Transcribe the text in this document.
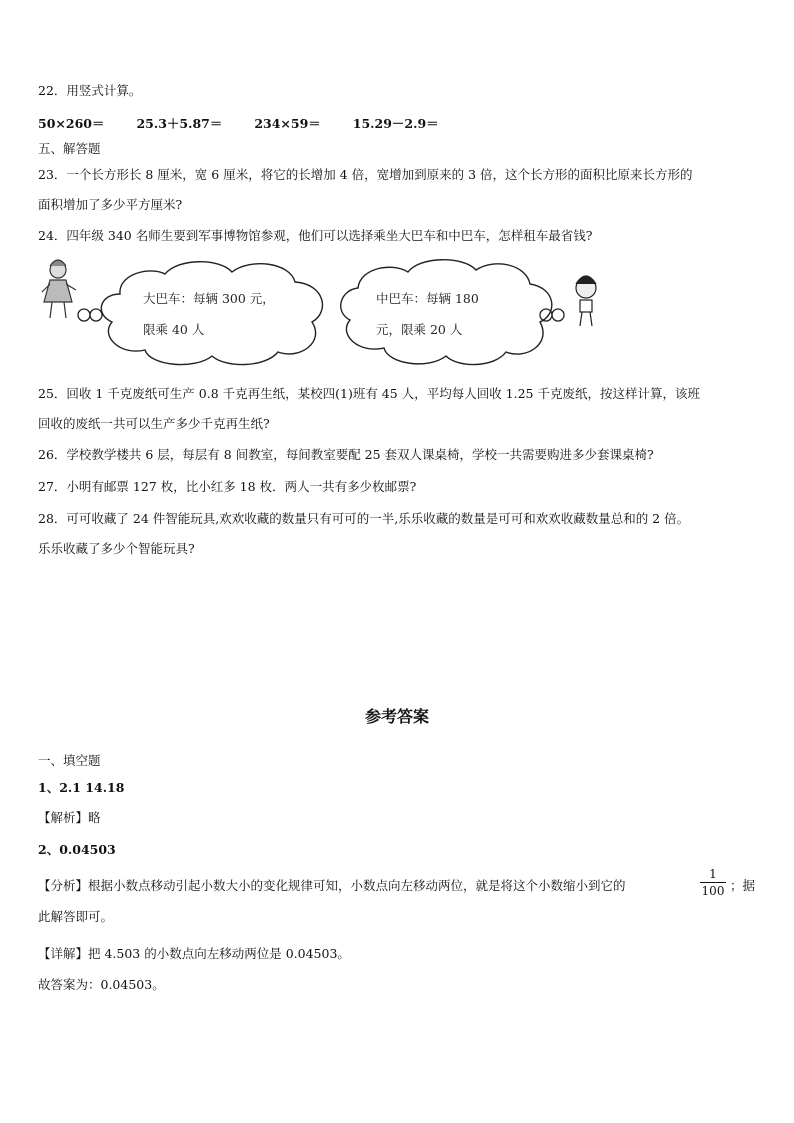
22．用竖式计算。
50×260＝	25.3＋5.87＝	234×59＝	15.29－2.9＝
五、解答题
23．一个长方形长 8 厘米，宽 6 厘米，将它的长增加 4 倍，宽增加到原来的 3 倍，这个长方形的面积比原来长方形的
面积增加了多少平方厘米?
24．四年级 340 名师生要到军事博物馆参观，他们可以选择乘坐大巴车和中巴车，怎样租车最省钱?
大巴车：每辆 300 元，
限乘 40 人
中巴车：每辆 180
元，限乘 20 人
25．回收 1 千克废纸可生产 0.8 千克再生纸，某校四(1)班有 45 人，平均每人回收 1.25 千克废纸，按这样计算，该班
回收的废纸一共可以生产多少千克再生纸?
26．学校教学楼共 6 层，每层有 8 间教室，每间教室要配 25 套双人课桌椅，学校一共需要购进多少套课桌椅?
27．小明有邮票 127 枚，比小红多 18 枚．两人一共有多少枚邮票?
28．可可收藏了 24 件智能玩具,欢欢收藏的数量只有可可的一半,乐乐收藏的数量是可可和欢欢收藏数量总和的 2 倍。
乐乐收藏了多少个智能玩具?
参考答案
一、填空题
1、2.1 14.18
【解析】略
2、0.04503
【分析】根据小数点移动引起小数大小的变化规律可知，小数点向左移动两位，就是将这个小数缩小到它的	$\frac{1}{100}$ ；据
此解答即可。
【详解】把 4.503 的小数点向左移动两位是 0.04503。
故答案为：0.04503。
